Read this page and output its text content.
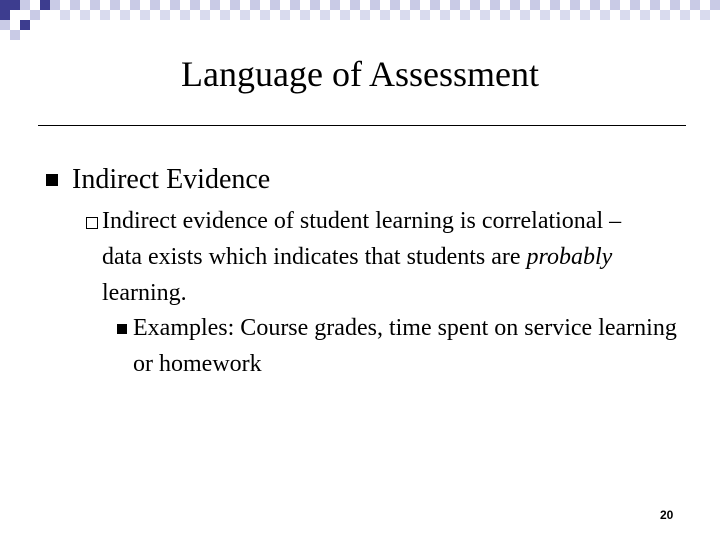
Language of Assessment
Indirect Evidence
Indirect evidence of student learning is correlational – data exists which indicates that students are probably learning.
Examples: Course grades, time spent on service learning or homework
20
